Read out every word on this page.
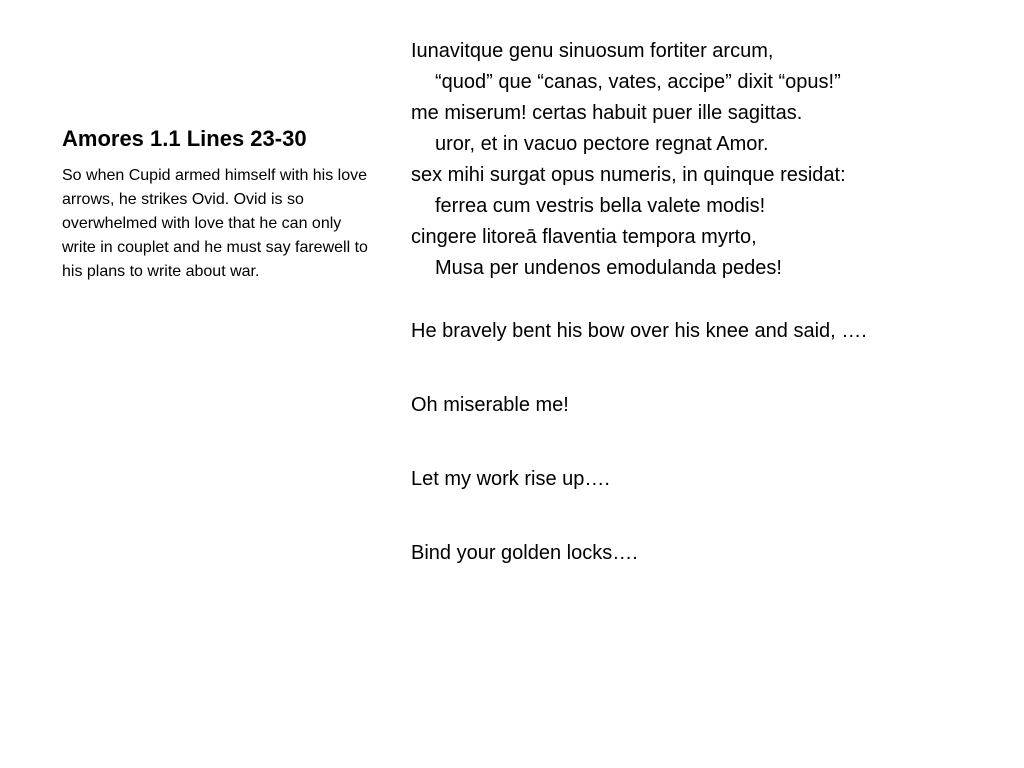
Amores 1.1 Lines 23-30

So when Cupid armed himself with his love arrows, he strikes Ovid. Ovid is so overwhelmed with love that he can only write in couplet and he must say farewell to his plans to write about war.

Iunavitque genu sinuosum fortiter arcum,
“quod” que “canas, vates, accipe” dixit “opus!”
me miserum! certas habuit puer ille sagittas.
uror, et in vacuo pectore regnat Amor.
sex mihi surgat opus numeris, in quinque residat:
ferrea cum vestris bella valete modis!
cingere litoreā flaventia tempora myrto,
Musa per undenos emodulanda pedes!

He bravely bent his bow over his knee and said, ….

Oh miserable me!

Let my work rise up….

Bind your golden locks….
